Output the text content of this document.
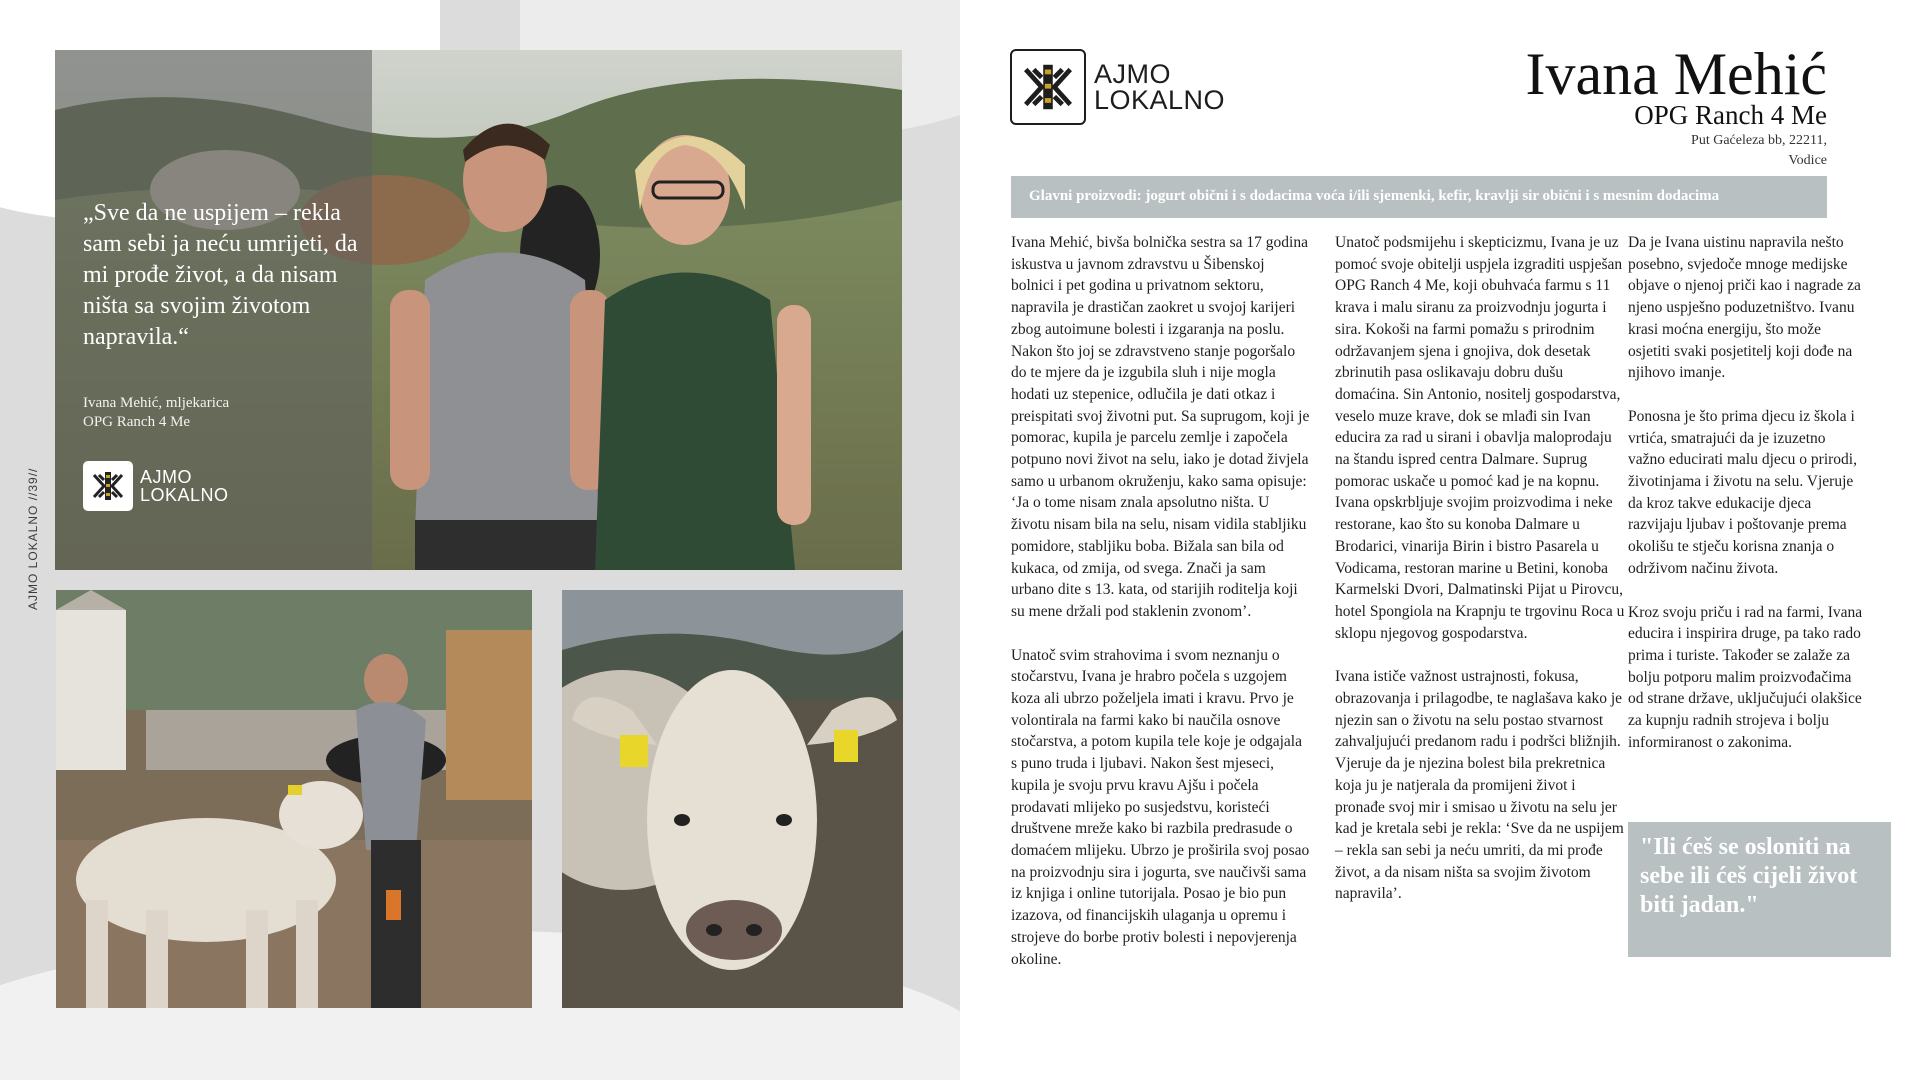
AJMO LOKALNO //39//
„Sve da ne uspijem – rekla sam sebi ja neću umrijeti, da mi prođe život, a da nisam ništa sa svojim životom napravila.“
Ivana Mehić, mljekarica
OPG Ranch 4 Me
AJMO
LOKALNO
AJMO
LOKALNO	Ivana Mehić
OPG Ranch 4 Me
Put Gaćeleza bb, 22211,
Vodice
Glavni proizvodi: jogurt obični i s dodacima voća i/ili sjemenki, kefir, kravlji sir obični i s mesnim dodacima

Ivana Mehić, bivša bolnička sestra sa 17 godina iskustva u javnom zdravstvu u Šibenskoj bolnici i pet godina u privatnom sektoru, napravila je drastičan zaokret u svojoj karijeri zbog autoimune bolesti i izgaranja na poslu. Nakon što joj se zdravstveno stanje pogoršalo do te mjere da je izgubila sluh i nije mogla hodati uz stepenice, odlučila je dati otkaz i preispitati svoj životni put. Sa suprugom, koji je pomorac, kupila je parcelu zemlje i započela potpuno novi život na selu, iako je dotad živjela samo u urbanom okruženju, kako sama opisuje: ‘Ja o tome nisam znala apsolutno ništa. U životu nisam bila na selu, nisam vidila stabljiku pomidore, stabljiku boba. Bižala san bila od kukaca, od zmija, od svega. Znači ja sam urbano dite s 13. kata, od starijih roditelja koji su mene držali pod staklenin zvonom’.

Unatoč svim strahovima i svom neznanju o stočarstvu, Ivana je hrabro počela s uzgojem koza ali ubrzo poželjela imati i kravu. Prvo je volontirala na farmi kako bi naučila osnove stočarstva, a potom kupila tele koje je odgajala s puno truda i ljubavi. Nakon šest mjeseci, kupila je svoju prvu kravu Ajšu i počela prodavati mlijeko po susjedstvu, koristeći društvene mreže kako bi razbila predrasude o domaćem mlijeku. Ubrzo je proširila svoj posao na proizvodnju sira i jogurta, sve naučivši sama iz knjiga i online tutorijala. Posao je bio pun izazova, od financijskih ulaganja u opremu i strojeve do borbe protiv bolesti i nepovjerenja okoline.

Unatoč podsmijehu i skepticizmu, Ivana je uz pomoć svoje obitelji uspjela izgraditi uspješan OPG Ranch 4 Me, koji obuhvaća farmu s 11 krava i malu siranu za proizvodnju jogurta i sira. Kokoši na farmi pomažu s prirodnim održavanjem sjena i gnojiva, dok desetak zbrinutih pasa oslikavaju dobru dušu domaćina. Sin Antonio, nositelj gospodarstva, veselo muze krave, dok se mlađi sin Ivan educira za rad u sirani i obavlja maloprodaju na štandu ispred centra Dalmare. Suprug pomorac uskače u pomoć kad je na kopnu. Ivana opskrbljuje svojim proizvodima i neke restorane, kao što su konoba Dalmare u Brodarici, vinarija Birin i bistro Pasarela u Vodicama, restoran marine u Betini, konoba Karmelski Dvori, Dalmatinski Pijat u Pirovcu, hotel Spongiola na Krapnju te trgovinu Roca u sklopu njegovog gospodarstva.

Ivana ističe važnost ustrajnosti, fokusa, obrazovanja i prilagodbe, te naglašava kako je njezin san o životu na selu postao stvarnost zahvaljujući predanom radu i podršci bližnjih. Vjeruje da je njezina bolest bila prekretnica koja ju je natjerala da promijeni život i pronađe svoj mir i smisao u životu na selu jer kad je kretala sebi je rekla: ‘Sve da ne uspijem – rekla san sebi ja neću umriti, da mi prođe život, a da nisam ništa sa svojim životom napravila’.

Da je Ivana uistinu napravila nešto posebno, svjedoče mnoge medijske objave o njenoj priči kao i nagrade za njeno uspješno poduzetništvo. Ivanu krasi moćna energiju, što može osjetiti svaki posjetitelj koji dođe na njihovo imanje.

Ponosna je što prima djecu iz škola i vrtića, smatrajući da je izuzetno važno educirati malu djecu o prirodi, životinjama i životu na selu. Vjeruje da kroz takve edukacije djeca razvijaju ljubav i poštovanje prema okolišu te stječu korisna znanja o održivom načinu života.

Kroz svoju priču i rad na farmi, Ivana educira i inspirira druge, pa tako rado prima i turiste. Također se zalaže za bolju potporu malim proizvođačima od strane države, uključujući olakšice za kupnju radnih strojeva i bolju informiranost o zakonima.

"Ili ćeš se osloniti na sebe ili ćeš cijeli život biti jadan."
